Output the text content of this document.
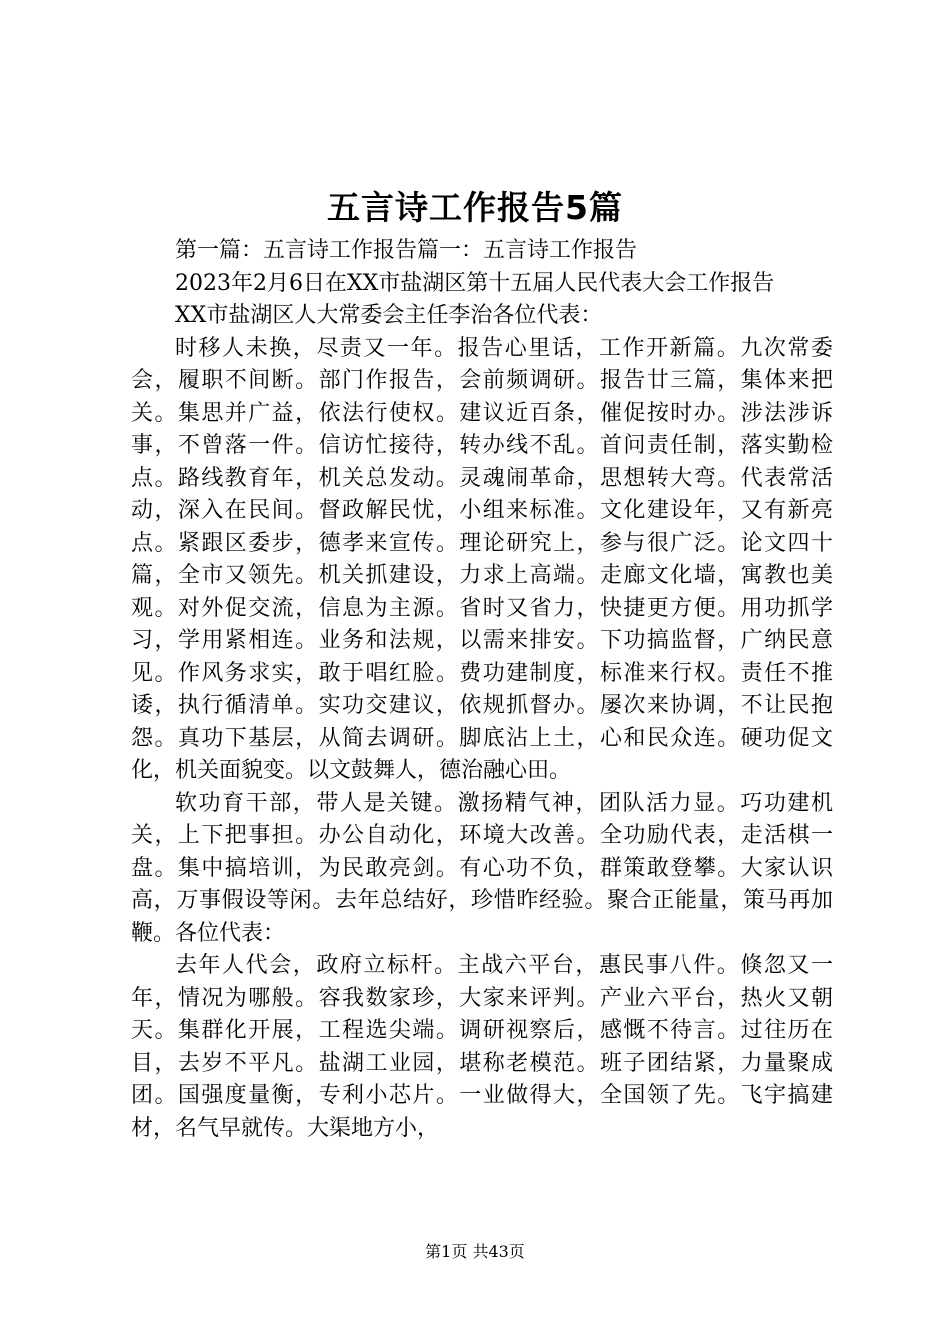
五言诗工作报告5篇

第一篇：五言诗工作报告篇一：五言诗工作报告

2023年2月6日在XX市盐湖区第十五届人民代表大会工作报告

XX市盐湖区人大常委会主任李治各位代表：

时移人未换，尽责又一年。报告心里话，工作开新篇。九次常委会，履职不间断。部门作报告，会前频调研。报告廿三篇，集体来把关。集思并广益，依法行使权。建议近百条，催促按时办。涉法涉诉事，不曾落一件。信访忙接待，转办线不乱。首问责任制，落实勤检点。路线教育年，机关总发动。灵魂闹革命，思想转大弯。代表常活动，深入在民间。督政解民忧，小组来标准。文化建设年，又有新亮点。紧跟区委步，德孝来宣传。理论研究上，参与很广泛。论文四十篇，全市又领先。机关抓建设，力求上高端。走廊文化墙，寓教也美观。对外促交流，信息为主源。省时又省力，快捷更方便。用功抓学习，学用紧相连。业务和法规，以需来排安。下功搞监督，广纳民意见。作风务求实，敢于唱红脸。费功建制度，标准来行权。责任不推诿，执行循清单。实功交建议，依规抓督办。屡次来协调，不让民抱怨。真功下基层，从简去调研。脚底沾上土，心和民众连。硬功促文化，机关面貌变。以文鼓舞人，德治融心田。

软功育干部，带人是关键。激扬精气神，团队活力显。巧功建机关，上下把事担。办公自动化，环境大改善。全功励代表，走活棋一盘。集中搞培训，为民敢亮剑。有心功不负，群策敢登攀。大家认识高，万事假设等闲。去年总结好，珍惜昨经验。聚合正能量，策马再加鞭。各位代表：

去年人代会，政府立标杆。主战六平台，惠民事八件。倏忽又一年，情况为哪般。容我数家珍，大家来评判。产业六平台，热火又朝天。集群化开展，工程选尖端。调研视察后，感慨不待言。过往历在目，去岁不平凡。盐湖工业园，堪称老模范。班子团结紧，力量聚成团。国强度量衡，专利小芯片。一业做得大，全国领了先。飞宇搞建材，名气早就传。大渠地方小，

第1页 共43页
